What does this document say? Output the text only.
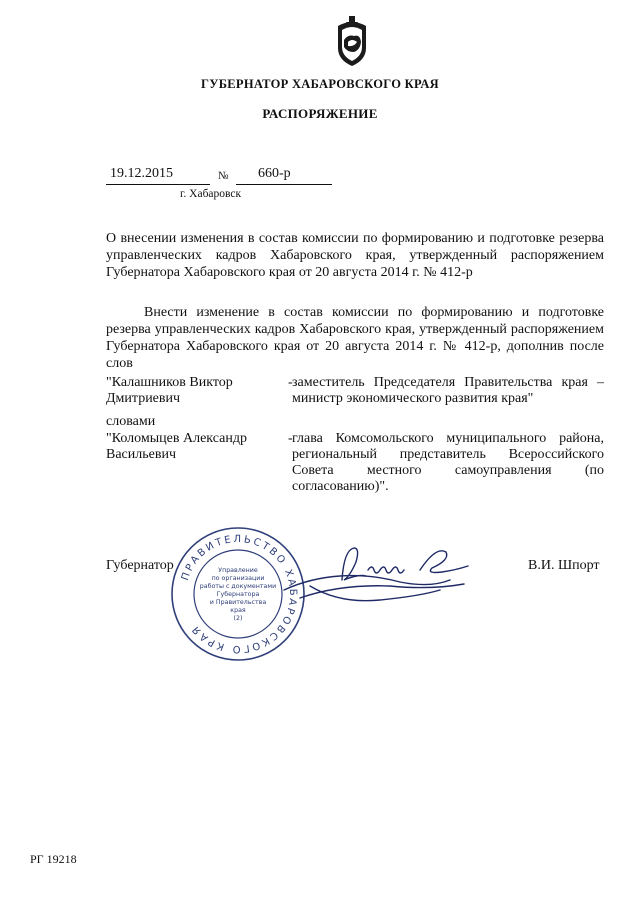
ГУБЕРНАТОР ХАБАРОВСКОГО КРАЯ
РАСПОРЯЖЕНИЕ
19.12.2015	№ 660-р
г. Хабаровск
О внесении изменения в состав комиссии по формированию и подготовке резерва управленческих кадров Хабаровского края, утвержденный распоряжением Губернатора Хабаровского края от 20 августа 2014 г. № 412-р
Внести изменение в состав комиссии по формированию и подготовке резерва управленческих кадров Хабаровского края, утвержденный распоряжением Губернатора Хабаровского края от 20 августа 2014 г. № 412-р, дополнив после слов
"Калашников Виктор Дмитриевич
- заместитель Председателя Правительства края – министр экономического развития края"
словами
"Коломыцев Александр Васильевич
- глава Комсомольского муниципального района, региональный представитель Всероссийского Совета местного самоуправления (по согласованию)".
Губернатор	В.И. Шпорт
ПРАВИТЕЛЬСТВО ХАБАРОВСКОГО КРАЯ
Управление
по организации
работы с документами
Губернатора
и Правительства
края
(2)
РГ 19218
